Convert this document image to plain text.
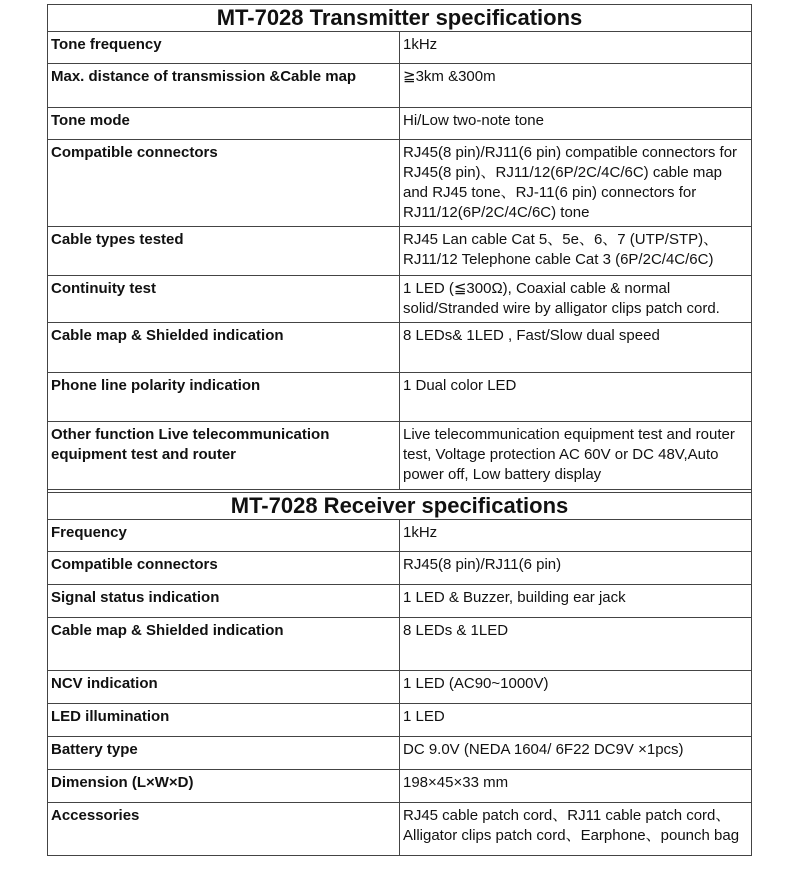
MT-7028 Transmitter specifications	
Tone frequency	1kHz
Max. distance of transmission &Cable map	≧3km &300m
Tone mode	Hi/Low two-note tone
Compatible connectors	RJ45(8 pin)/RJ11(6 pin) compatible connectors for RJ45(8 pin)、RJ11/12(6P/2C/4C/6C) cable map and RJ45 tone、RJ-11(6 pin) connectors for RJ11/12(6P/2C/4C/6C) tone
Cable types tested	RJ45 Lan cable Cat 5、5e、6、7 (UTP/STP)、RJ11/12 Telephone cable Cat 3 (6P/2C/4C/6C)
Continuity test	1 LED (≦300Ω), Coaxial cable & normal solid/Stranded wire by alligator clips patch cord.
Cable map & Shielded indication	8 LEDs& 1LED , Fast/Slow dual speed
Phone line polarity indication	1 Dual color LED
Other function Live telecommunication equipment test and router	Live telecommunication equipment test and router test, Voltage protection AC 60V or DC 48V,Auto power off, Low battery display

MT-7028 Receiver specifications	
Frequency	1kHz
Compatible connectors	RJ45(8 pin)/RJ11(6 pin)
Signal status indication	1 LED & Buzzer, building ear jack
Cable map & Shielded indication	8 LEDs & 1LED
NCV indication	1 LED (AC90~1000V)
LED illumination	1 LED
Battery type	DC 9.0V (NEDA 1604/ 6F22 DC9V ×1pcs)
Dimension (L×W×D)	198×45×33 mm
Accessories	RJ45 cable patch cord、RJ11 cable patch cord、Alligator clips patch cord、Earphone、pounch bag
